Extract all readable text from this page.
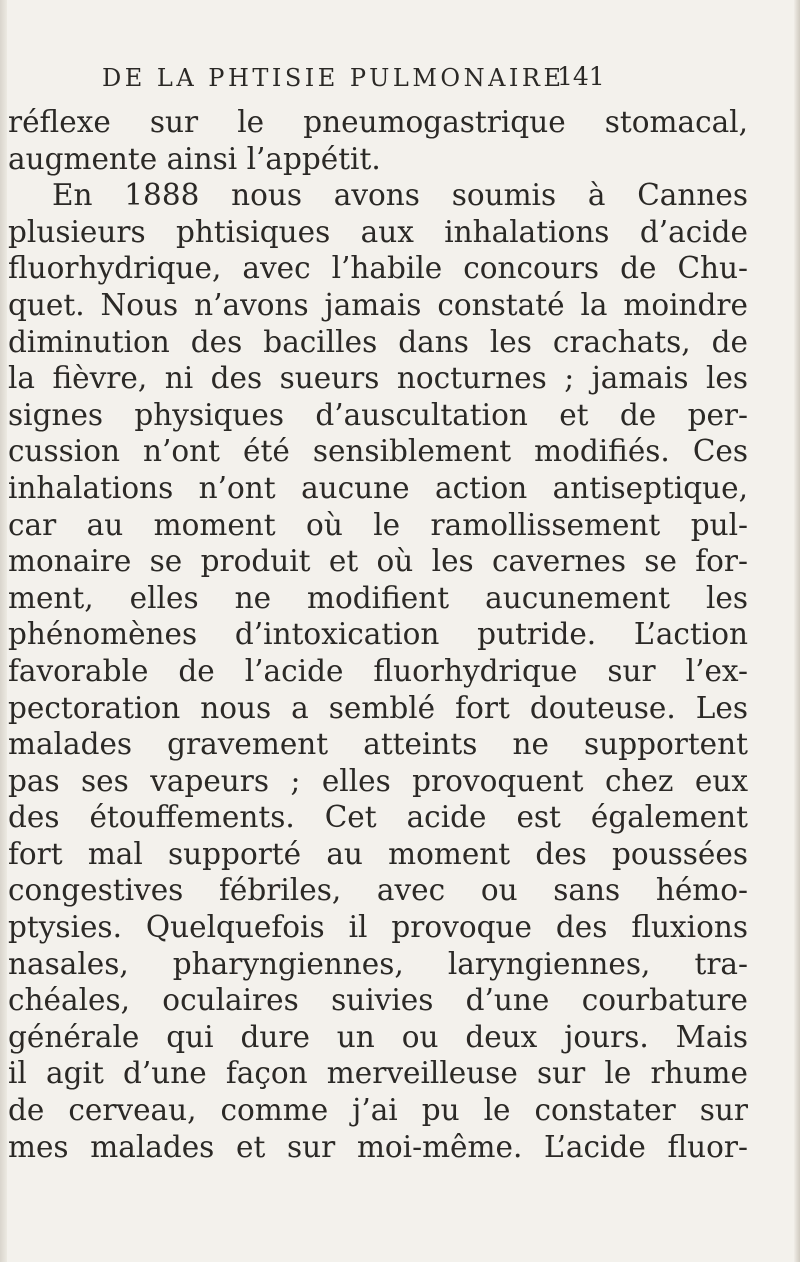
DE LA PHTISIE PULMONAIRE
141
réflexe sur le pneumogastrique stomacal,
augmente ainsi l’appétit.
En 1888 nous avons soumis à Cannes
plusieurs phtisiques aux inhalations d’acide
fluorhydrique, avec l’habile concours de Chu-
quet. Nous n’avons jamais constaté la moindre
diminution des bacilles dans les crachats, de
la fièvre, ni des sueurs nocturnes ; jamais les
signes physiques d’auscultation et de per-
cussion n’ont été sensiblement modifiés. Ces
inhalations n’ont aucune action antiseptique,
car au moment où le ramollissement pul-
monaire se produit et où les cavernes se for-
ment, elles ne modifient aucunement les
phénomènes d’intoxication putride. L’action
favorable de l’acide fluorhydrique sur l’ex-
pectoration nous a semblé fort douteuse. Les
malades gravement atteints ne supportent
pas ses vapeurs ; elles provoquent chez eux
des étouffements. Cet acide est également
fort mal supporté au moment des poussées
congestives fébriles, avec ou sans hémo-
ptysies. Quelquefois il provoque des fluxions
nasales, pharyngiennes, laryngiennes, tra-
chéales, oculaires suivies d’une courbature
générale qui dure un ou deux jours. Mais
il agit d’une façon merveilleuse sur le rhume
de cerveau, comme j’ai pu le constater sur
mes malades et sur moi-même. L’acide fluor-
